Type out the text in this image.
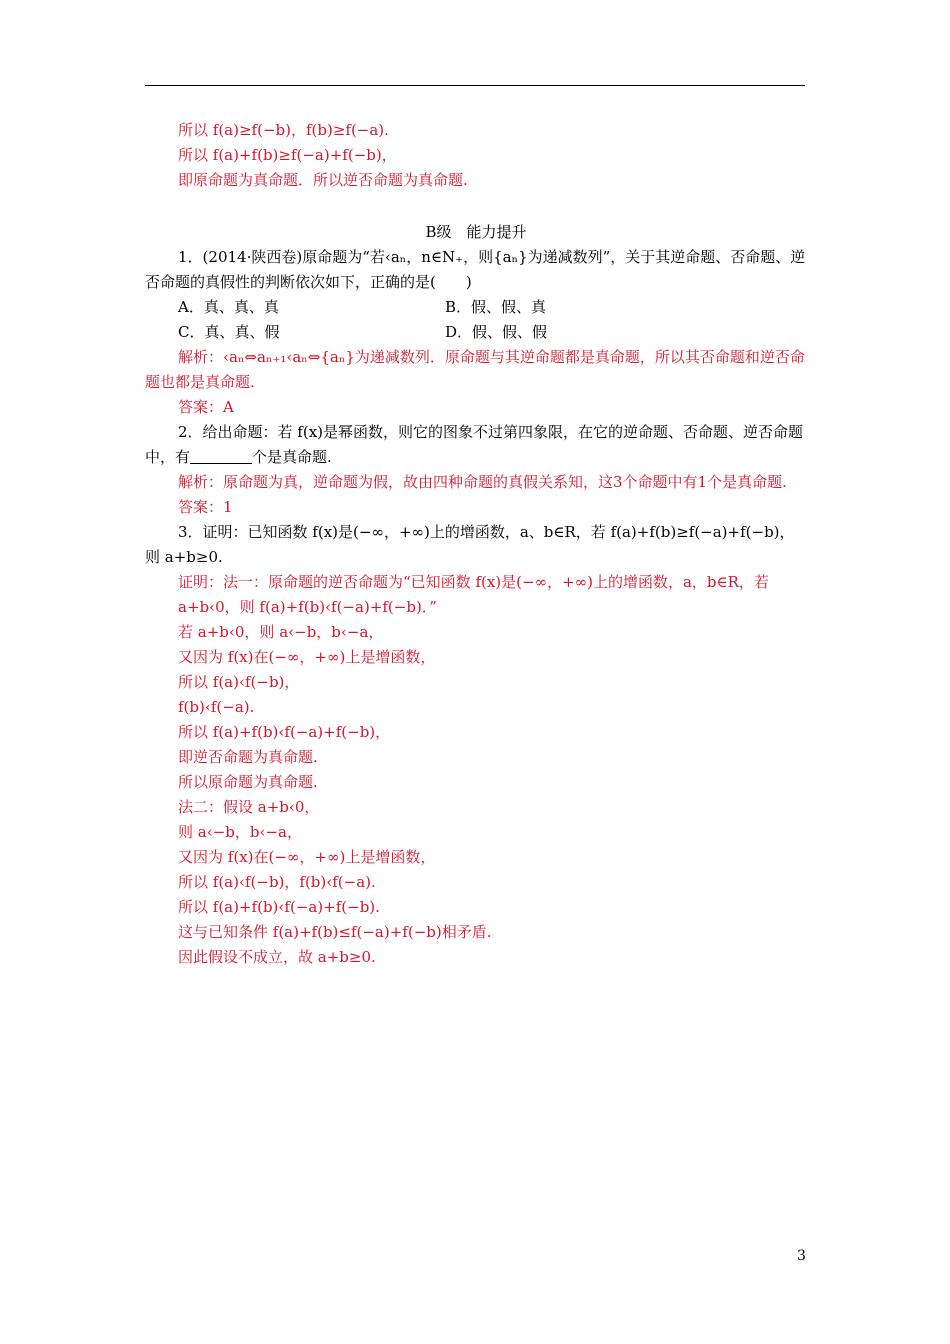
所以 f(a)≥f(−b)，f(b)≥f(−a).
所以 f(a)+f(b)≥f(−a)+f(−b)，
即原命题为真命题．所以逆否命题为真命题.
B级　能力提升
1．(2014·陕西卷)原命题为“若‹aₙ，n∈N₊，则{aₙ}为递减数列”，关于其逆命题、否命题、逆否命题的真假性的判断依次如下，正确的是(　　)
A．真、真、真	B．假、假、真
C．真、真、假	D．假、假、假
解析：‹aₙ⇔aₙ₊₁‹aₙ⇔{aₙ}为递减数列．原命题与其逆命题都是真命题，所以其否命题和逆否命题也都是真命题.
答案：A
2．给出命题：若 f(x)是幂函数，则它的图象不过第四象限，在它的逆命题、否命题、逆否命题中，有	个是真命题.
解析：原命题为真，逆命题为假，故由四种命题的真假关系知，这3个命题中有1个是真命题.
答案：1
3．证明：已知函数 f(x)是(−∞，+∞)上的增函数，a、b∈R，若 f(a)+f(b)≥f(−a)+f(−b)，则 a+b≥0.
证明：法一：原命题的逆否命题为“已知函数 f(x)是(−∞，+∞)上的增函数，a，b∈R，若 a+b‹0，则 f(a)+f(b)‹f(−a)+f(−b)．”
若 a+b‹0，则 a‹−b，b‹−a，
又因为 f(x)在(−∞，+∞)上是增函数，
所以 f(a)‹f(−b)，
f(b)‹f(−a).
所以 f(a)+f(b)‹f(−a)+f(−b)，
即逆否命题为真命题.
所以原命题为真命题.
法二：假设 a+b‹0，
则 a‹−b，b‹−a，
又因为 f(x)在(−∞，+∞)上是增函数，
所以 f(a)‹f(−b)，f(b)‹f(−a).
所以 f(a)+f(b)‹f(−a)+f(−b).
这与已知条件 f(a)+f(b)≤f(−a)+f(−b)相矛盾.
因此假设不成立，故 a+b≥0.
3
